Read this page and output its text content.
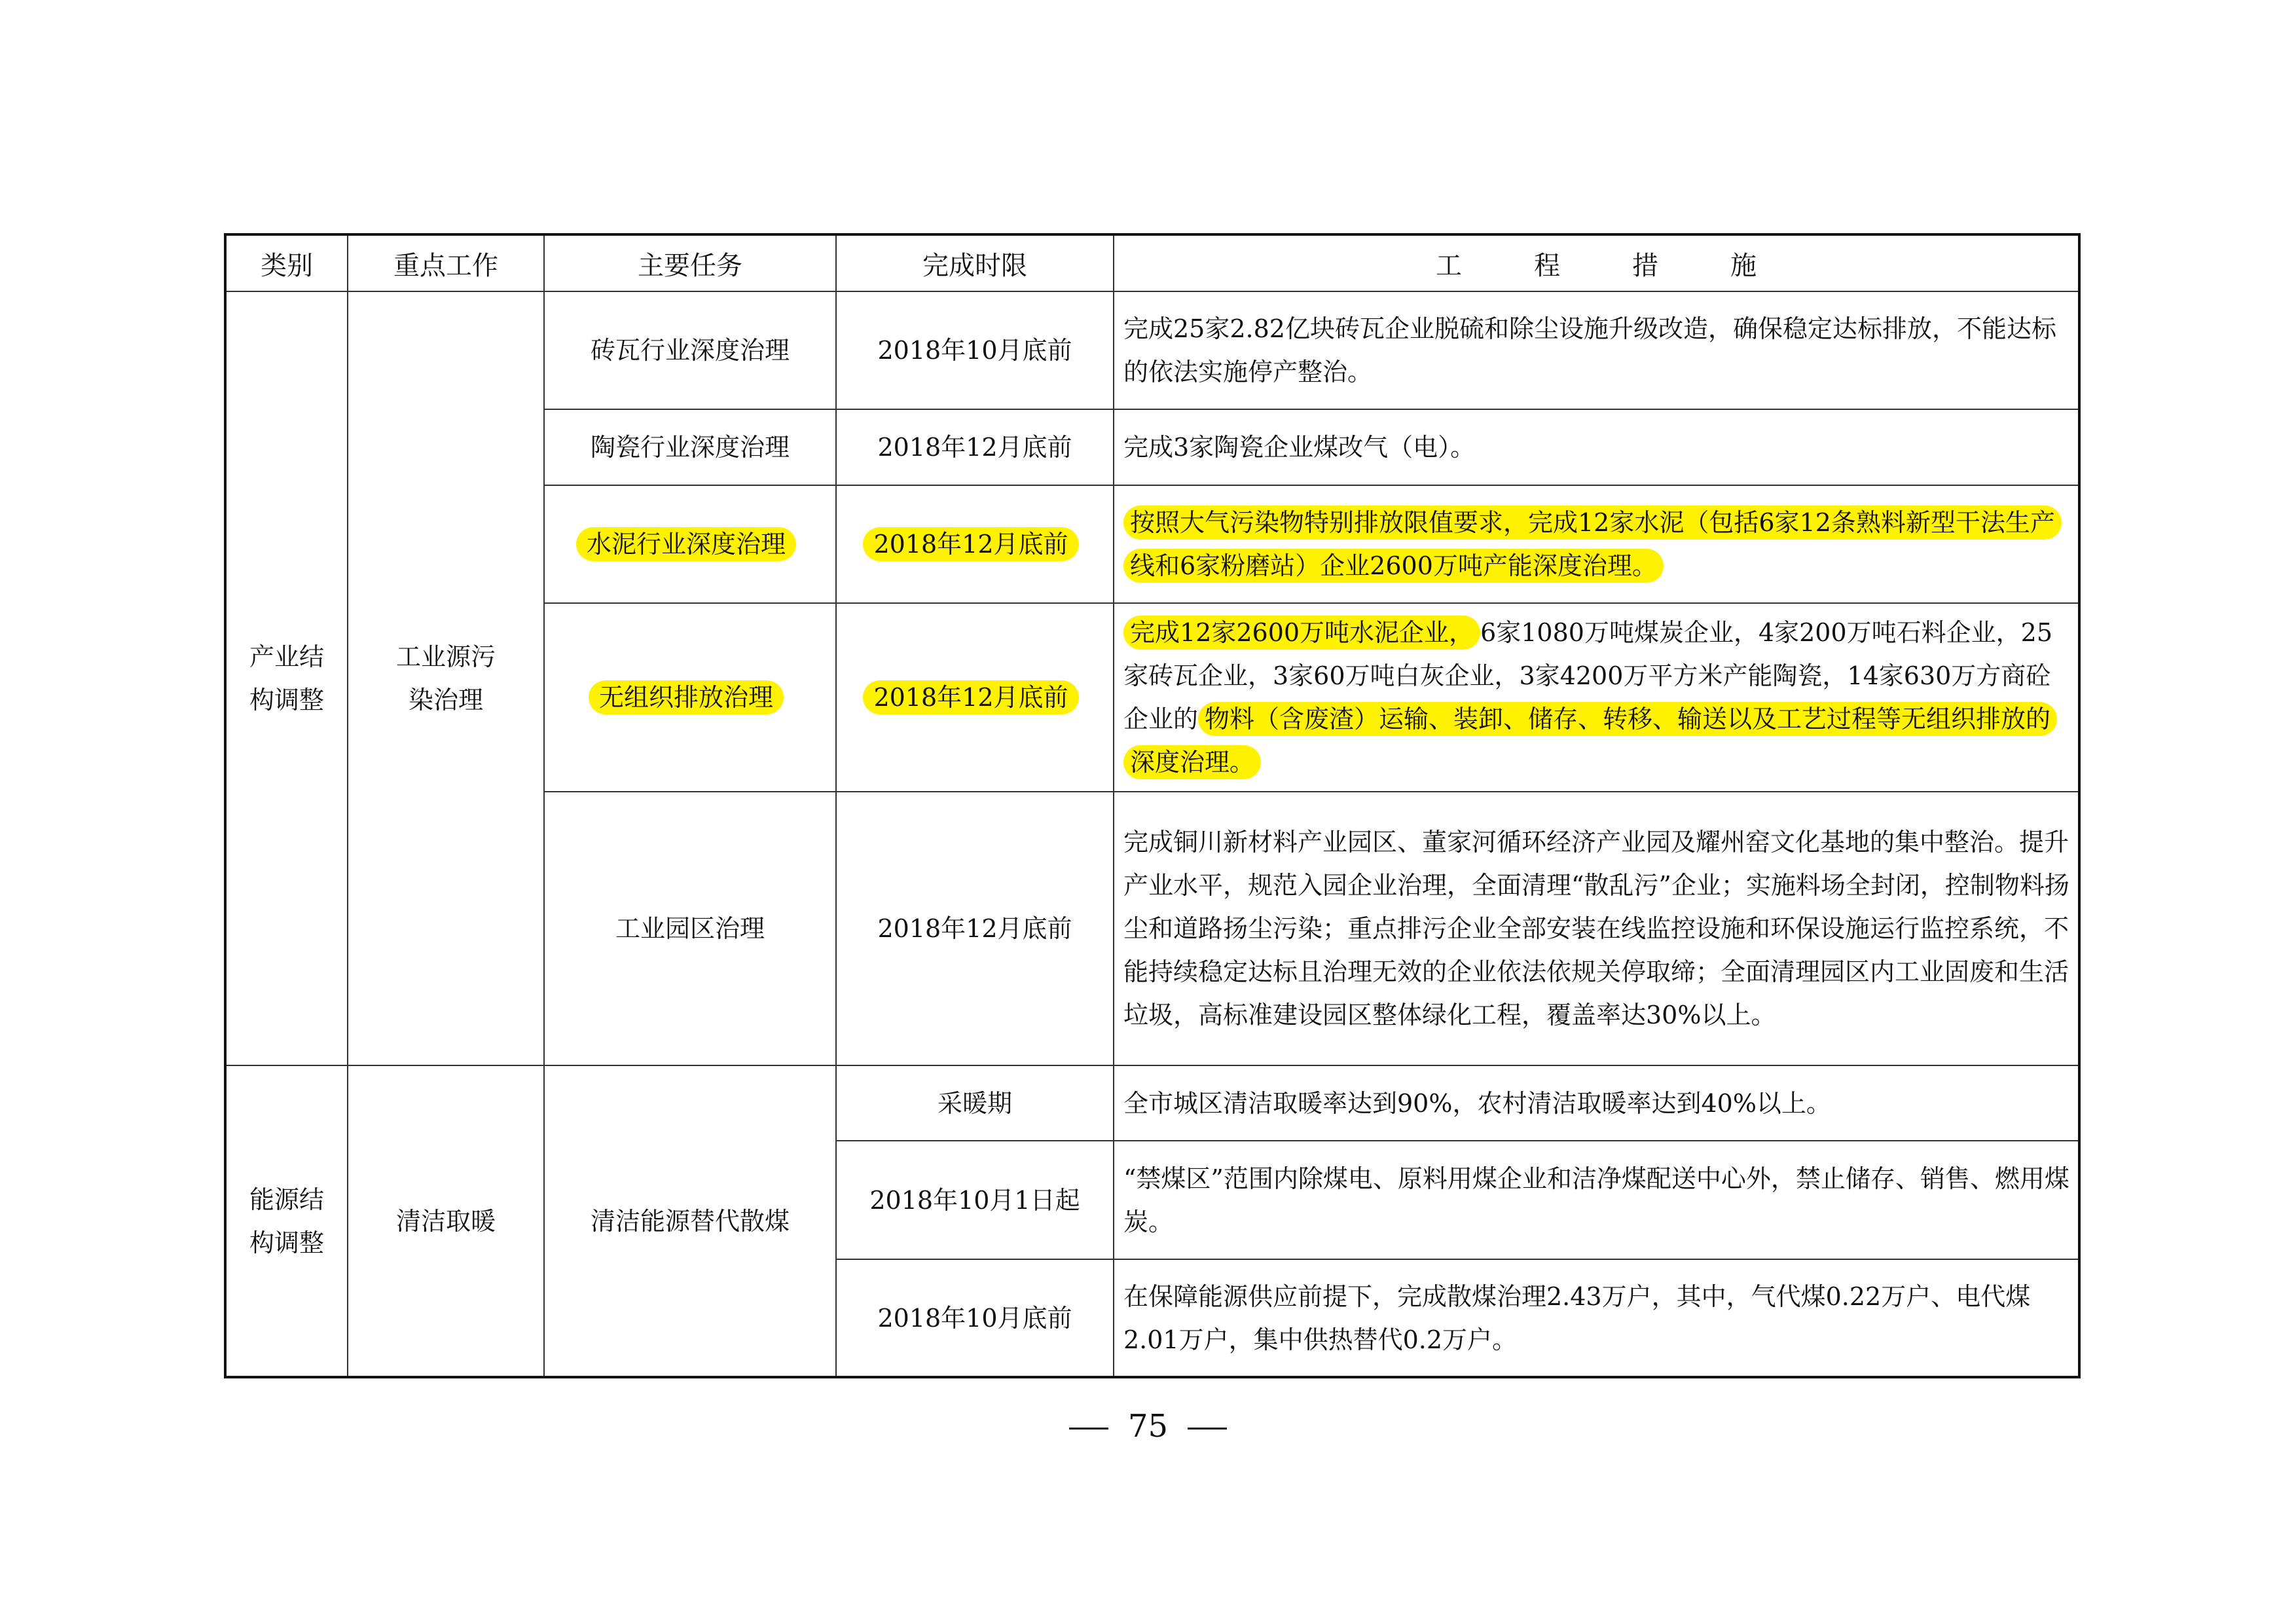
类别	重点工作	主要任务	完成时限	工程措施
产业结构调整	工业源污染治理	砖瓦行业深度治理	2018年10月底前	完成25家2.82亿块砖瓦企业脱硫和除尘设施升级改造，确保稳定达标排放，不能达标的依法实施停产整治。
		陶瓷行业深度治理	2018年12月底前	完成3家陶瓷企业煤改气（电）。
		水泥行业深度治理	2018年12月底前	按照大气污染物特别排放限值要求，完成12家水泥（包括6家12条熟料新型干法生产线和6家粉磨站）企业2600万吨产能深度治理。
		无组织排放治理	2018年12月底前	完成12家2600万吨水泥企业， 6家1080万吨煤炭企业，4家200万吨石料企业，25家砖瓦企业，3家60万吨白灰企业，3家4200万平方米产能陶瓷，14家630万方商砼企业的 物料（含废渣）运输、装卸、储存、转移、输送以及工艺过程等无组织排放的深度治理。
		工业园区治理	2018年12月底前	完成铜川新材料产业园区、董家河循环经济产业园及耀州窑文化基地的集中整治。提升产业水平，规范入园企业治理，全面清理“散乱污”企业；实施料场全封闭，控制物料扬尘和道路扬尘污染；重点排污企业全部安装在线监控设施和环保设施运行监控系统，不能持续稳定达标且治理无效的企业依法依规关停取缔；全面清理园区内工业固废和生活垃圾，高标准建设园区整体绿化工程，覆盖率达30%以上。
能源结构调整	清洁取暖	清洁能源替代散煤	采暖期	全市城区清洁取暖率达到90%，农村清洁取暖率达到40%以上。
			2018年10月1日起	“禁煤区”范围内除煤电、原料用煤企业和洁净煤配送中心外，禁止储存、销售、燃用煤炭。
			2018年10月底前	在保障能源供应前提下，完成散煤治理2.43万户，其中，气代煤0.22万户、电代煤2.01万户，集中供热替代0.2万户。
75
